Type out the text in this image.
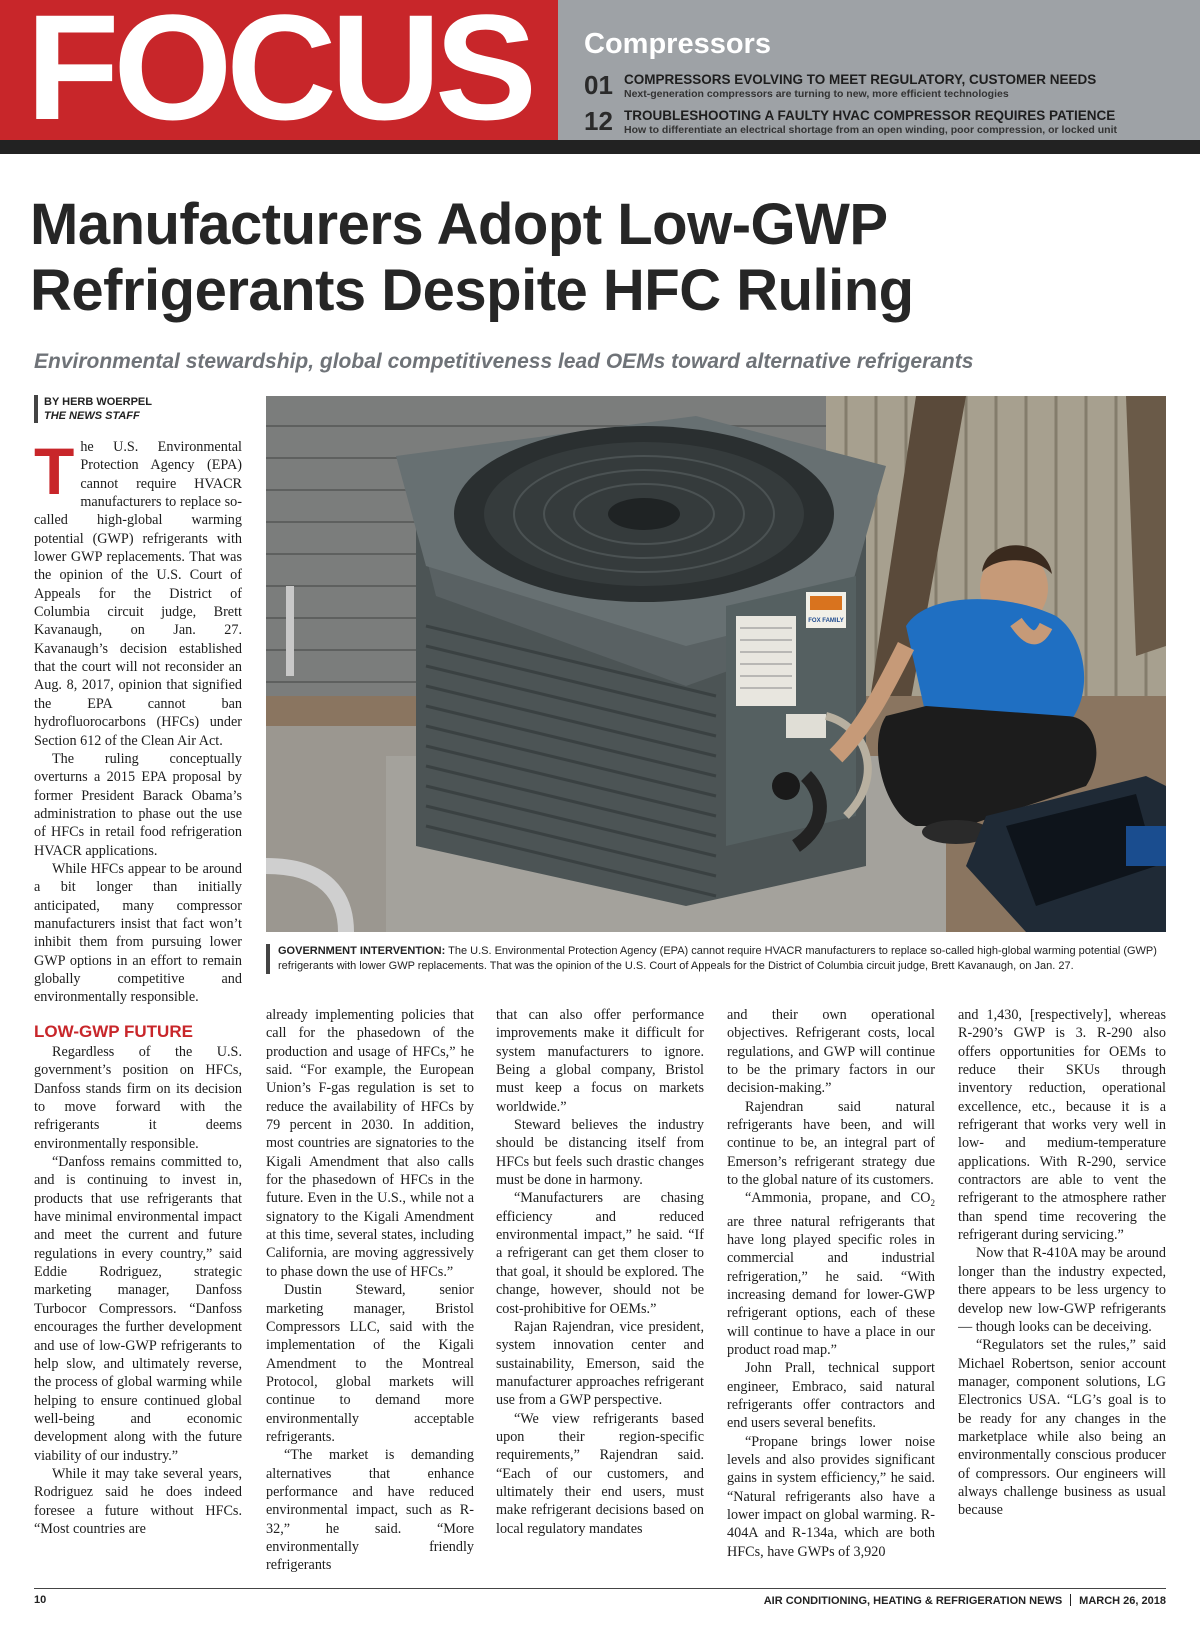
FOCUS Compressors
01 COMPRESSORS EVOLVING TO MEET REGULATORY, CUSTOMER NEEDS
Next-generation compressors are turning to new, more efficient technologies
12 TROUBLESHOOTING A FAULTY HVAC COMPRESSOR REQUIRES PATIENCE
How to differentiate an electrical shortage from an open winding, poor compression, or locked unit
Manufacturers Adopt Low-GWP
Refrigerants Despite HFC Ruling
Environmental stewardship, global competitiveness lead OEMs toward alternative refrigerants
BY HERB WOERPEL
THE NEWS STAFF

The U.S. Environmental Protection Agency (EPA) cannot require HVACR manufacturers to replace so-called high-global warming potential (GWP) refrigerants with lower GWP replacements. That was the opinion of the U.S. Court of Appeals for the District of Columbia circuit judge, Brett Kavanaugh, on Jan. 27. Kavanaugh’s decision established that the court will not reconsider an Aug. 8, 2017, opinion that signified the EPA cannot ban hydrofluorocarbons (HFCs) under Section 612 of the Clean Air Act.

The ruling conceptually overturns a 2015 EPA proposal by former President Barack Obama’s administration to phase out the use of HFCs in retail food refrigeration HVACR applications.

While HFCs appear to be around a bit longer than initially anticipated, many compressor manufacturers insist that fact won’t inhibit them from pursuing lower GWP options in an effort to remain globally competitive and environmentally responsible.

LOW-GWP FUTURE

Regardless of the U.S. government’s position on HFCs, Danfoss stands firm on its decision to move forward with the refrigerants it deems environmentally responsible.

“Danfoss remains committed to, and is continuing to invest in, products that use refrigerants that have minimal environmental impact and meet the current and future regulations in every country,” said Eddie Rodriguez, strategic marketing manager, Danfoss Turbocor Compressors. “Danfoss encourages the further development and use of low-GWP refrigerants to help slow, and ultimately reverse, the process of global warming while helping to ensure continued global well-being and economic development along with the future viability of our industry.”

While it may take several years, Rodriguez said he does indeed foresee a future without HFCs. “Most countries are

FOX FAMILY
GOVERNMENT INTERVENTION: The U.S. Environmental Protection Agency (EPA) cannot require HVACR manufacturers to replace so-called high-global warming potential (GWP) refrigerants with lower GWP replacements. That was the opinion of the U.S. Court of Appeals for the District of Columbia circuit judge, Brett Kavanaugh, on Jan. 27.

already implementing policies that call for the phasedown of the production and usage of HFCs,” he said. “For example, the European Union’s F-gas regulation is set to reduce the availability of HFCs by 79 percent in 2030. In addition, most countries are signatories to the Kigali Amendment that also calls for the phasedown of HFCs in the future. Even in the U.S., while not a signatory to the Kigali Amendment at this time, several states, including California, are moving aggressively to phase down the use of HFCs.”

Dustin Steward, senior marketing manager, Bristol Compressors LLC, said with the implementation of the Kigali Amendment to the Montreal Protocol, global markets will continue to demand more environmentally acceptable refrigerants.

“The market is demanding alternatives that enhance performance and have reduced environmental impact, such as R-32,” he said. “More environmentally friendly refrigerants

that can also offer performance improvements make it difficult for system manufacturers to ignore. Being a global company, Bristol must keep a focus on markets worldwide.”

Steward believes the industry should be distancing itself from HFCs but feels such drastic changes must be done in harmony.

“Manufacturers are chasing efficiency and reduced environmental impact,” he said. “If a refrigerant can get them closer to that goal, it should be explored. The change, however, should not be cost-prohibitive for OEMs.”

Rajan Rajendran, vice president, system innovation center and sustainability, Emerson, said the manufacturer approaches refrigerant use from a GWP perspective.

“We view refrigerants based upon their region-specific requirements,” Rajendran said. “Each of our customers, and ultimately their end users, must make refrigerant decisions based on local regulatory mandates

and their own operational objectives. Refrigerant costs, local regulations, and GWP will continue to be the primary factors in our decision-making.”

Rajendran said natural refrigerants have been, and will continue to be, an integral part of Emerson’s refrigerant strategy due to the global nature of its customers.

“Ammonia, propane, and $CO_2$ are three natural refrigerants that have long played specific roles in commercial and industrial refrigeration,” he said. “With increasing demand for lower-GWP refrigerant options, each of these will continue to have a place in our product road map.”

John Prall, technical support engineer, Embraco, said natural refrigerants offer contractors and end users several benefits.

“Propane brings lower noise levels and also provides significant gains in system efficiency,” he said. “Natural refrigerants also have a lower impact on global warming. R-404A and R-134a, which are both HFCs, have GWPs of 3,920

and 1,430, [respectively], whereas R-290’s GWP is 3. R-290 also offers opportunities for OEMs to reduce their SKUs through inventory reduction, operational excellence, etc., because it is a refrigerant that works very well in low- and medium-temperature applications. With R-290, service contractors are able to vent the refrigerant to the atmosphere rather than spend time recovering the refrigerant during servicing.”

Now that R-410A may be around longer than the industry expected, there appears to be less urgency to develop new low-GWP refrigerants — though looks can be deceiving.

“Regulators set the rules,” said Michael Robertson, senior account manager, component solutions, LG Electronics USA. “LG’s goal is to be ready for any changes in the marketplace while also being an environmentally conscious producer of compressors. Our engineers will always challenge business as usual because

10	AIR CONDITIONING, HEATING & REFRIGERATION NEWS MARCH 26, 2018
